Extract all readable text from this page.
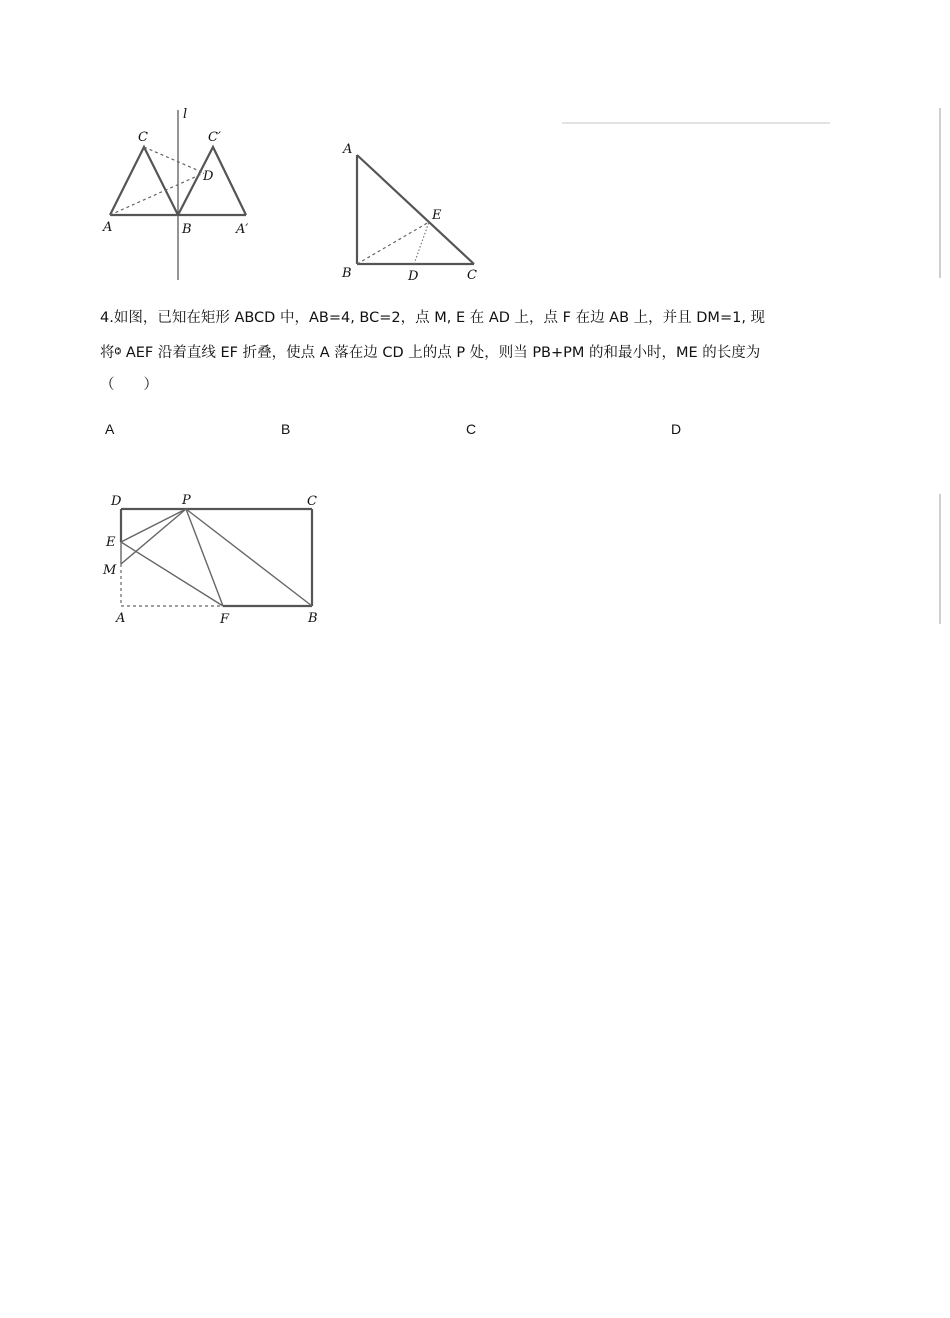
C	C′
l
D
A	B	A′
A
E
B	D	C
4.如图，已知在矩形 ABCD 中，AB=4, BC=2，点 M, E 在 AD 上，点 F 在边 AB 上，并且 DM=1, 现
将ⱉ AEF 沿着直线 EF 折叠，使点 A 落在边 CD 上的点 P 处，则当 PB+PM 的和最小时，ME 的长度为
（　　）
A	B	C	D
D	P	C
E
M
A	F	B
